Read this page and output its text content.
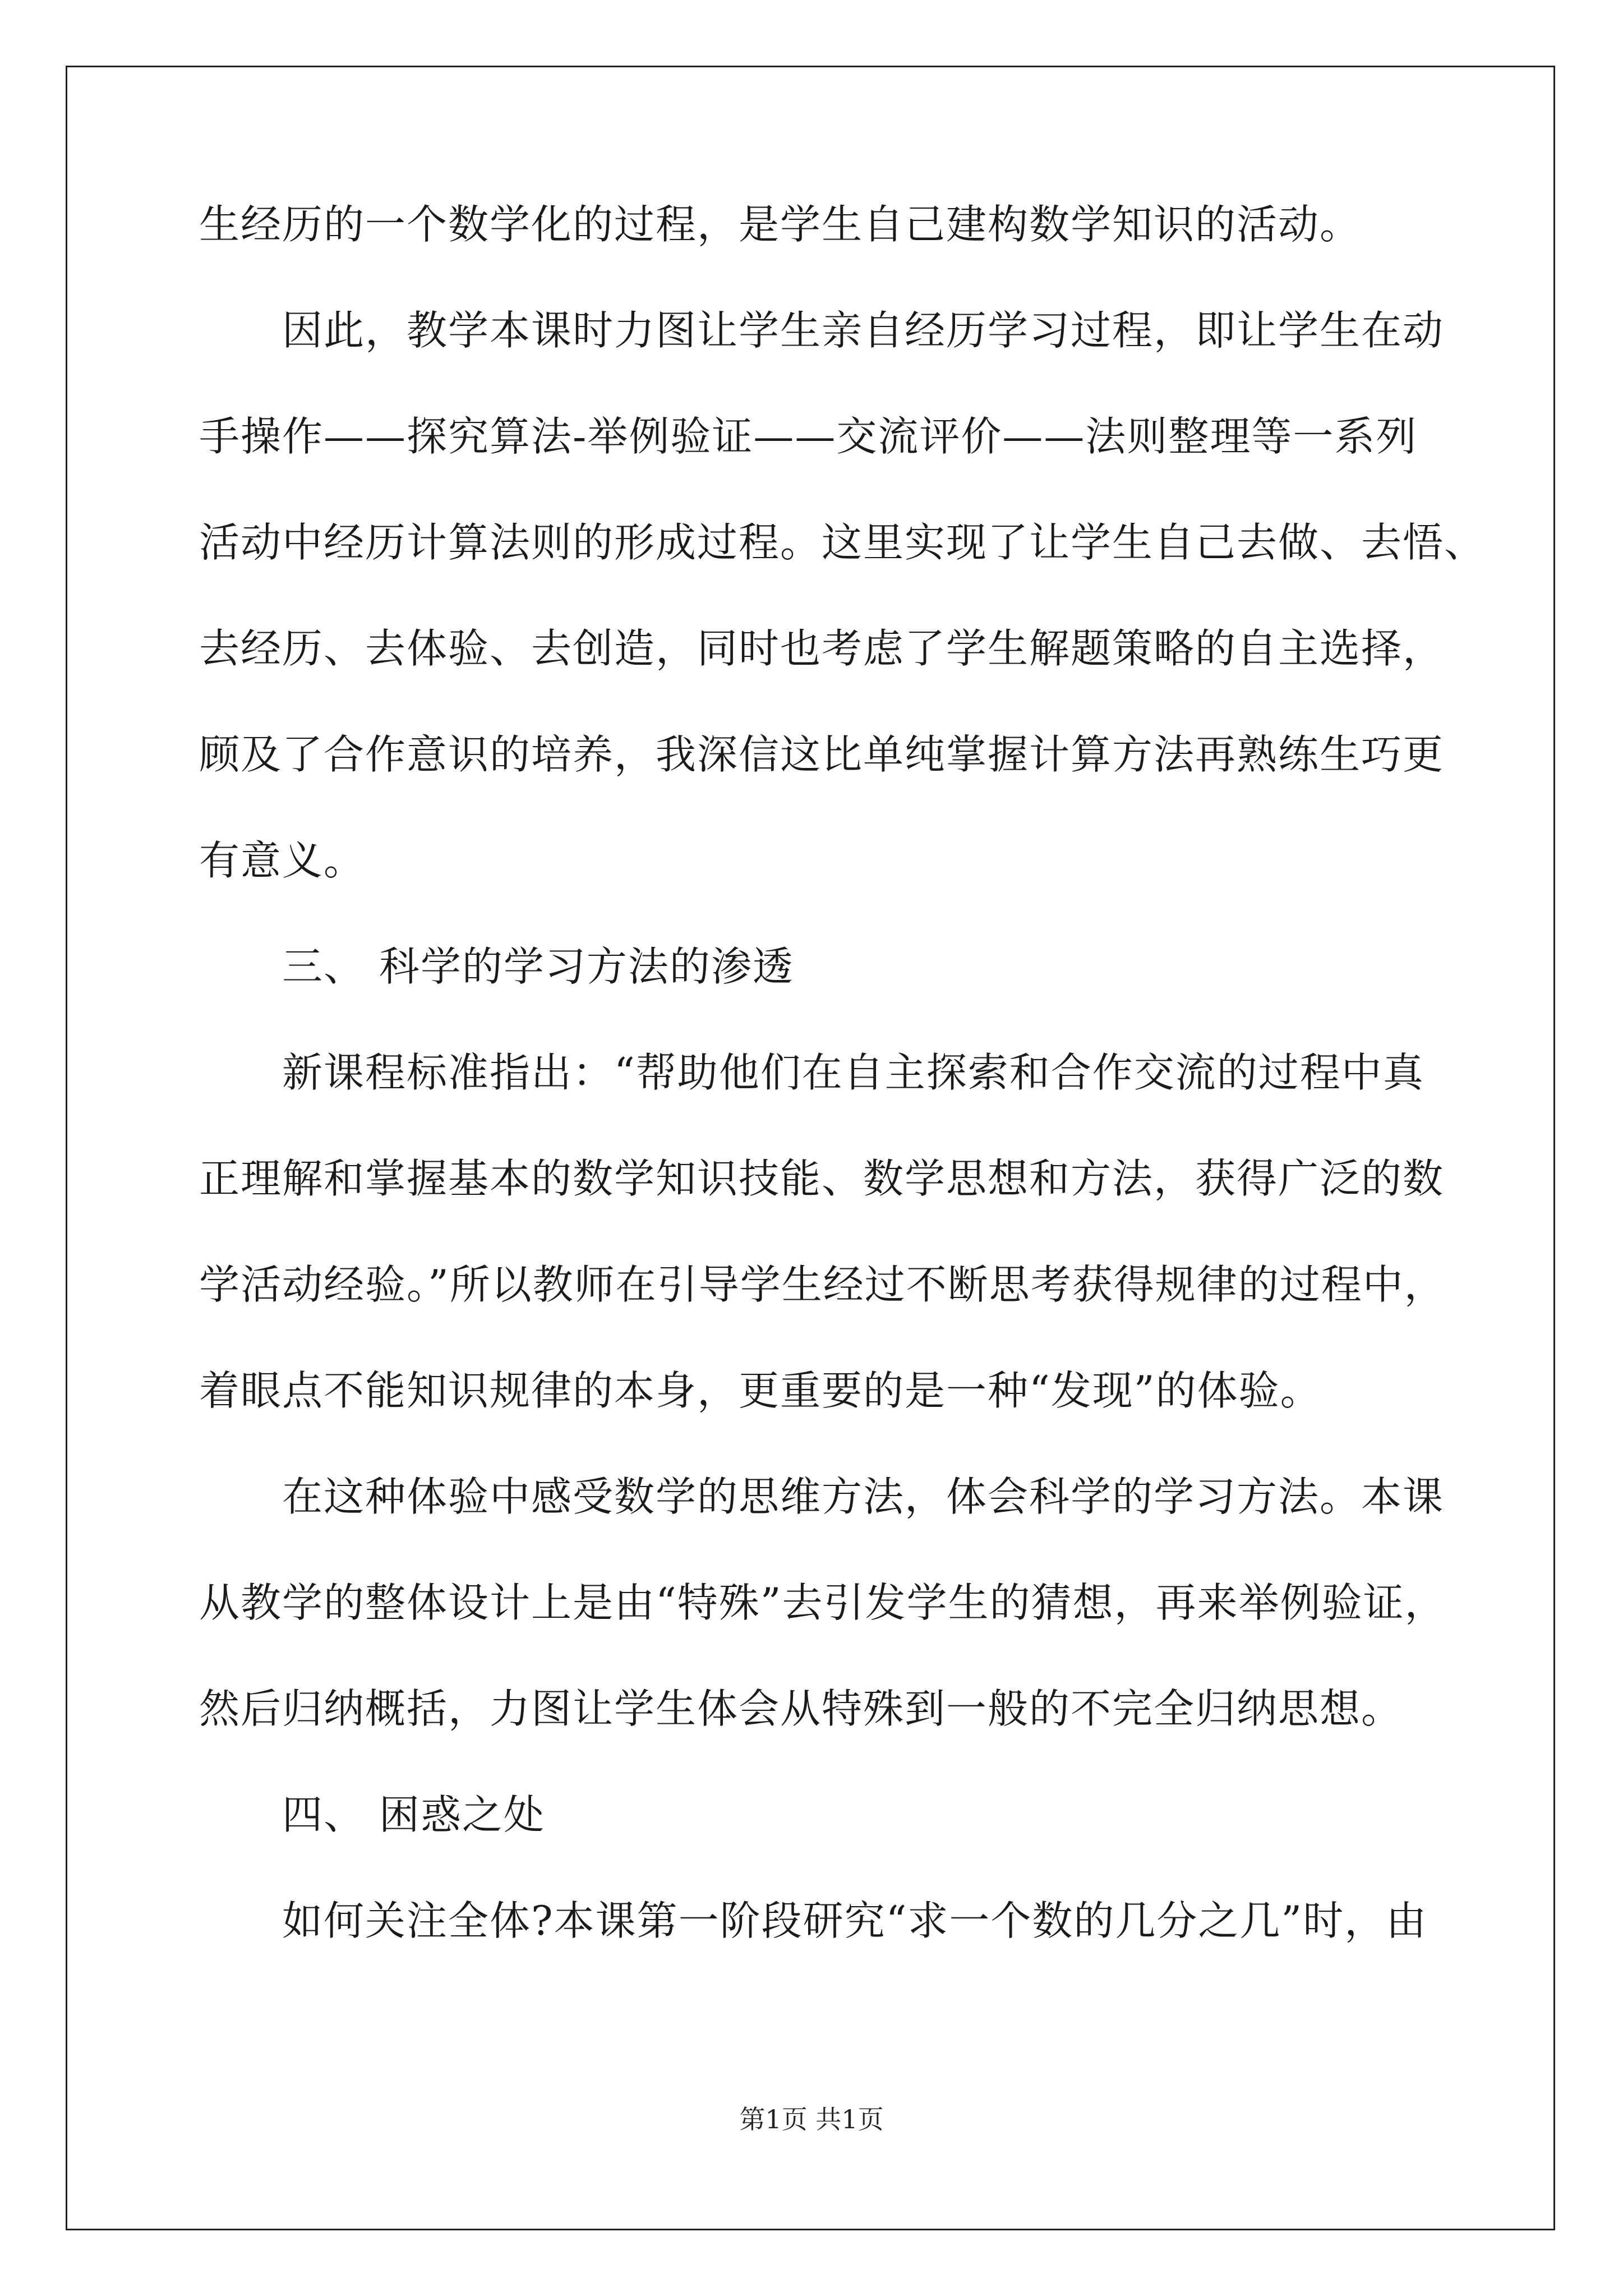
生经历的一个数学化的过程，是学生自己建构数学知识的活动。
因此，教学本课时力图让学生亲自经历学习过程，即让学生在动
手操作——探究算法-举例验证——交流评价——法则整理等一系列
活动中经历计算法则的形成过程。这里实现了让学生自己去做、去悟、
去经历、去体验、去创造，同时也考虑了学生解题策略的自主选择，
顾及了合作意识的培养，我深信这比单纯掌握计算方法再熟练生巧更
有意义。
三、 科学的学习方法的渗透
新课程标准指出：“帮助他们在自主探索和合作交流的过程中真
正理解和掌握基本的数学知识技能、数学思想和方法，获得广泛的数
学活动经验。”所以教师在引导学生经过不断思考获得规律的过程中，
着眼点不能知识规律的本身，更重要的是一种“发现”的体验。
在这种体验中感受数学的思维方法，体会科学的学习方法。本课
从教学的整体设计上是由“特殊”去引发学生的猜想，再来举例验证，
然后归纳概括，力图让学生体会从特殊到一般的不完全归纳思想。
四、 困惑之处
如何关注全体?本课第一阶段研究“求一个数的几分之几”时，由
第1页 共1页
